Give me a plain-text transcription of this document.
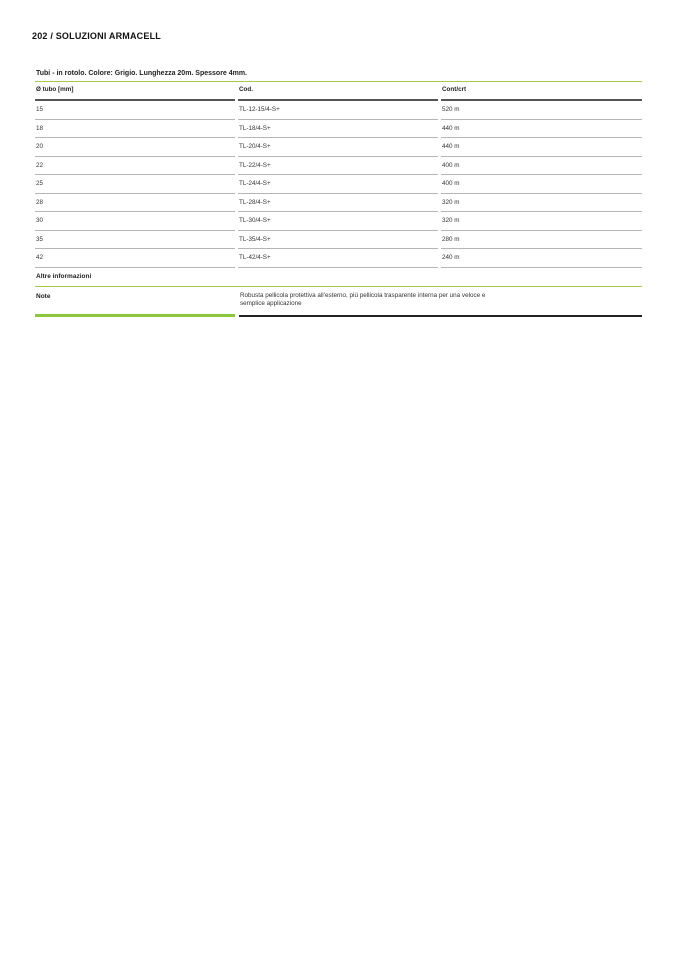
202 / SOLUZIONI ARMACELL
Tubi - in rotolo. Colore: Grigio. Lunghezza 20m. Spessore 4mm.
Ø tubo [mm]	Cod.	Cont/crt
15	TL-12-15/4-S+	520 m
18	TL-18/4-S+	440 m
20	TL-20/4-S+	440 m
22	TL-22/4-S+	400 m
25	TL-24/4-S+	400 m
28	TL-28/4-S+	320 m
30	TL-30/4-S+	320 m
35	TL-35/4-S+	280 m
42	TL-42/4-S+	240 m
Altre informazioni
Note	Robusta pellicola protettiva all’esterno, più pellicola trasparente interna per una veloce e
semplice applicazione
